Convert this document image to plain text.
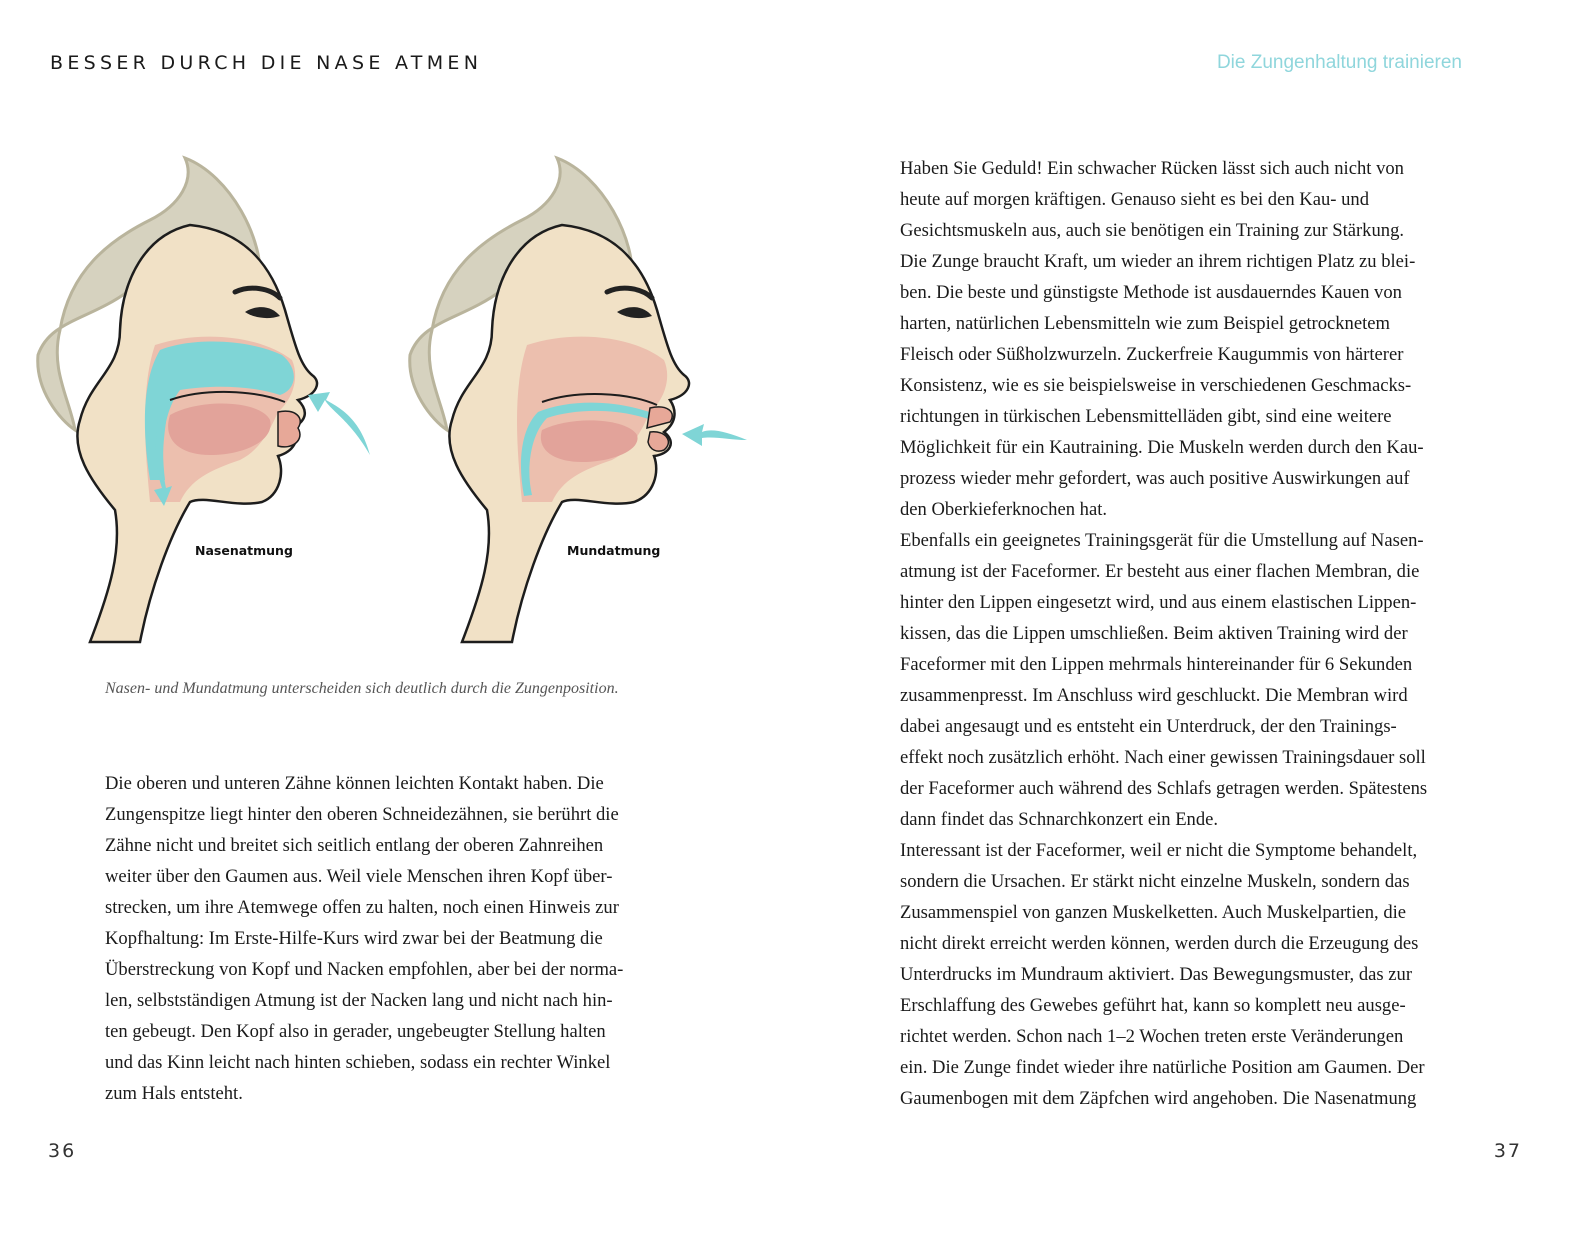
BESSER DURCH DIE NASE ATMEN	Die Zungenhaltung trainieren
Nasenatmung	Mundatmung
Nasen- und Mundatmung unterscheiden sich deutlich durch die Zungenposition.
Die oberen und unteren Zähne können leichten Kontakt haben. Die
Zungenspitze liegt hinter den oberen Schneidezähnen, sie berührt die
Zähne nicht und breitet sich seitlich entlang der oberen Zahnreihen
weiter über den Gaumen aus. Weil viele Menschen ihren Kopf über-
strecken, um ihre Atemwege offen zu halten, noch einen Hinweis zur
Kopfhaltung: Im Erste-Hilfe-Kurs wird zwar bei der Beatmung die
Überstreckung von Kopf und Nacken empfohlen, aber bei der norma-
len, selbstständigen Atmung ist der Nacken lang und nicht nach hin-
ten gebeugt. Den Kopf also in gerader, ungebeugter Stellung halten
und das Kinn leicht nach hinten schieben, sodass ein rechter Winkel
zum Hals entsteht.
Haben Sie Geduld! Ein schwacher Rücken lässt sich auch nicht von
heute auf morgen kräftigen. Genauso sieht es bei den Kau- und
Gesichtsmuskeln aus, auch sie benötigen ein Training zur Stärkung.
Die Zunge braucht Kraft, um wieder an ihrem richtigen Platz zu blei-
ben. Die beste und günstigste Methode ist ausdauerndes Kauen von
harten, natürlichen Lebensmitteln wie zum Beispiel getrocknetem
Fleisch oder Süßholzwurzeln. Zuckerfreie Kaugummis von härterer
Konsistenz, wie es sie beispielsweise in verschiedenen Geschmacks-
richtungen in türkischen Lebensmittelläden gibt, sind eine weitere
Möglichkeit für ein Kautraining. Die Muskeln werden durch den Kau-
prozess wieder mehr gefordert, was auch positive Auswirkungen auf
den Oberkieferknochen hat.
Ebenfalls ein geeignetes Trainingsgerät für die Umstellung auf Nasen-
atmung ist der Faceformer. Er besteht aus einer flachen Membran, die
hinter den Lippen eingesetzt wird, und aus einem elastischen Lippen-
kissen, das die Lippen umschließen. Beim aktiven Training wird der
Faceformer mit den Lippen mehrmals hintereinander für 6 Sekunden
zusammenpresst. Im Anschluss wird geschluckt. Die Membran wird
dabei angesaugt und es entsteht ein Unterdruck, der den Trainings-
effekt noch zusätzlich erhöht. Nach einer gewissen Trainingsdauer soll
der Faceformer auch während des Schlafs getragen werden. Spätestens
dann findet das Schnarchkonzert ein Ende.
Interessant ist der Faceformer, weil er nicht die Symptome behandelt,
sondern die Ursachen. Er stärkt nicht einzelne Muskeln, sondern das
Zusammenspiel von ganzen Muskelketten. Auch Muskelpartien, die
nicht direkt erreicht werden können, werden durch die Erzeugung des
Unterdrucks im Mundraum aktiviert. Das Bewegungsmuster, das zur
Erschlaffung des Gewebes geführt hat, kann so komplett neu ausge-
richtet werden. Schon nach 1–2 Wochen treten erste Veränderungen
ein. Die Zunge findet wieder ihre natürliche Position am Gaumen. Der
Gaumenbogen mit dem Zäpfchen wird angehoben. Die Nasenatmung
36	37
